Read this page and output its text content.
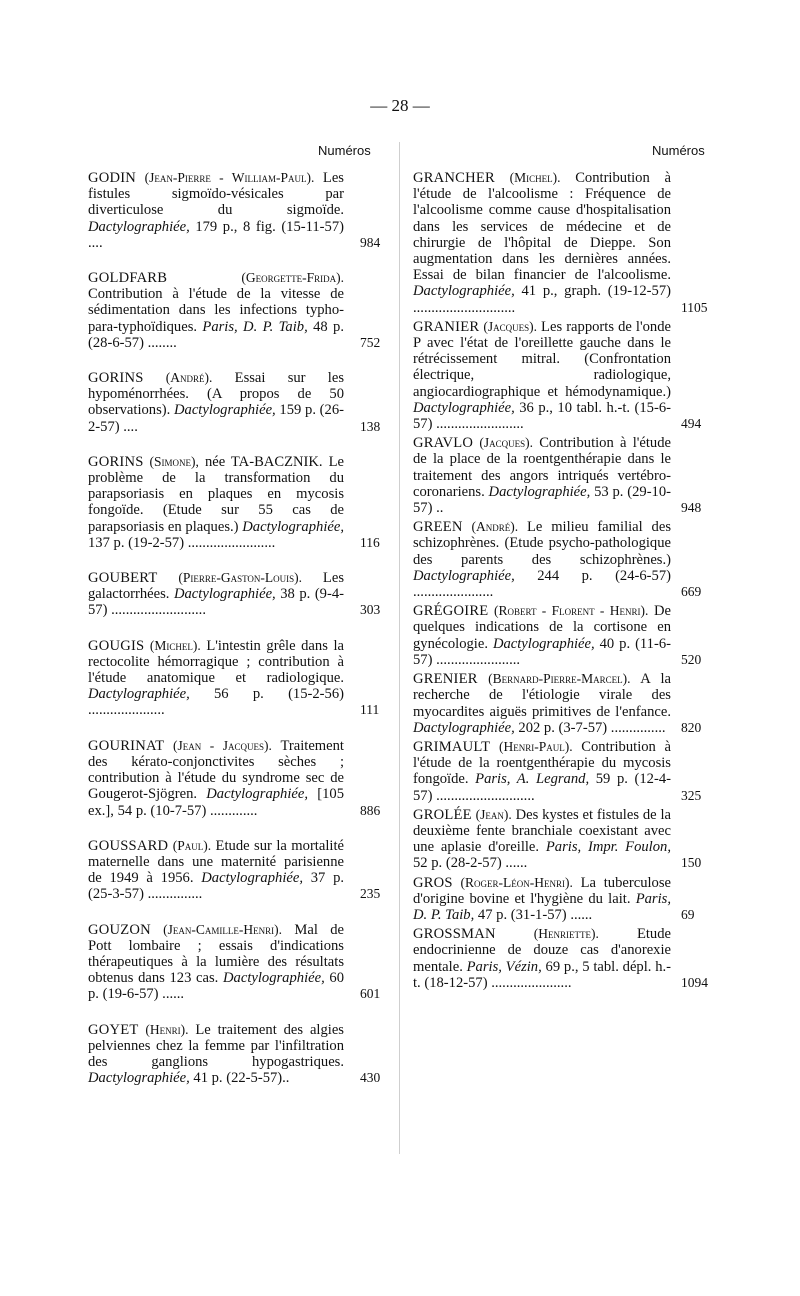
— 28 —
Numéros	Numéros

GODIN (Jean-Pierre - William-Paul). Les fistules sigmoïdo-vésicales par diverticulose du sigmoïde. Dactylographiée, 179 p., 8 fig. (15-11-57) ....	984

GOLDFARB	(Georgette-Frida). Contribution à l'étude de la vitesse de sédimentation dans les infections typho-para-typhoïdiques. Paris, D. P. Taib, 48 p. (28-6-57) ........	752

GORINS (André). Essai sur les hypoménorrhées. (A propos de 50 observations). Dactylographiée, 159 p. (26-2-57) ....	138

GORINS (Simone), née TA-BACZNIK. Le problème de la transformation du parapsoriasis en plaques en mycosis fongoïde. (Etude sur 55 cas de parapsoriasis en plaques.) Dactylographiée, 137 p. (19-2-57) ........................	116

GOUBERT (Pierre-Gaston-Louis). Les galactorrhées. Dactylographiée, 38 p. (9-4-57) ..........................	303

GOUGIS (Michel). L'intestin grêle dans la rectocolite hémorragique ; contribution à l'étude anatomique et radiologique. Dactylographiée, 56 p. (15-2-56) .....................	111

GOURINAT (Jean - Jacques). Traitement des kérato-conjonctivites sèches ; contribution à l'étude du syndrome sec de Gougerot-Sjögren. Dactylographiée, [105 ex.], 54 p. (10-7-57) .............	886

GOUSSARD (Paul). Etude sur la mortalité maternelle dans une maternité parisienne de 1949 à 1956. Dactylographiée, 37 p. (25-3-57) ...............	235

GOUZON (Jean-Camille-Henri). Mal de Pott lombaire ; essais d'indications thérapeutiques à la lumière des résultats obtenus dans 123 cas. Dactylographiée, 60 p. (19-6-57) ......	601

GOYET (Henri). Le traitement des algies pelviennes chez la femme par l'infiltration des ganglions hypogastriques. Dactylographiée, 41 p. (22-5-57)..	430

GRANCHER (Michel). Contribution à l'étude de l'alcoolisme : Fréquence de l'alcoolisme comme cause d'hospitalisation dans les services de médecine et de chirurgie de l'hôpital de Dieppe. Son augmentation dans les dernières années. Essai de bilan financier de l'alcoolisme. Dactylographiée, 41 p., graph. (19-12-57) ............................	1105

GRANIER (Jacques). Les rapports de l'onde P avec l'état de l'oreillette gauche dans le rétrécissement mitral. (Confrontation électrique, radiologique, angiocardiographique et hémodynamique.) Dactylographiée, 36 p., 10 tabl. h.-t. (15-6-57) ........................	494

GRAVLO (Jacques). Contribution à l'étude de la place de la roentgenthérapie dans le traitement des angors intriqués vertébro-coronariens. Dactylographiée, 53 p. (29-10-57) ..	948

GREEN (André). Le milieu familial des schizophrènes. (Etude psycho-pathologique des parents des schizophrènes.) Dactylographiée, 244 p. (24-6-57) ......................	669

GRÉGOIRE (Robert - Florent - Henri). De quelques indications de la cortisone en gynécologie. Dactylographiée, 40 p. (11-6-57) .......................	520

GRENIER (Bernard-Pierre-Marcel). A la recherche de l'étiologie virale des myocardites aiguës primitives de l'enfance. Dactylographiée, 202 p. (3-7-57) ...............	820

GRIMAULT (Henri-Paul). Contribution à l'étude de la roentgenthérapie du mycosis fongoïde. Paris, A. Legrand, 59 p. (12-4-57) ...........................	325

GROLÉE (Jean). Des kystes et fistules de la deuxième fente branchiale coexistant avec une aplasie d'oreille. Paris, Impr. Foulon, 52 p. (28-2-57) ......	150

GROS (Roger-Léon-Henri). La tuberculose d'origine bovine et l'hygiène du lait. Paris, D. P. Taib, 47 p. (31-1-57) ......	69

GROSSMAN	(Henriette).	Etude endocrinienne de douze cas d'anorexie mentale. Paris, Vézin, 69 p., 5 tabl. dépl. h.-t. (18-12-57) ......................	1094
